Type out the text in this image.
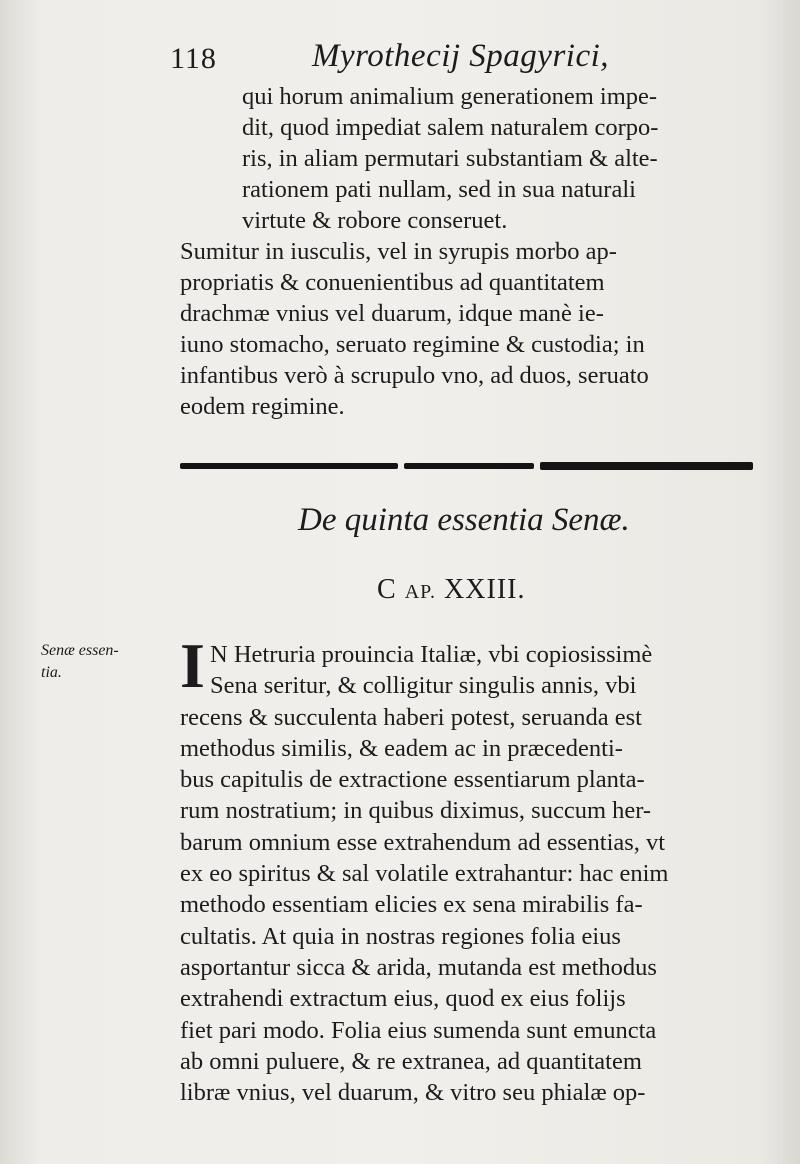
118	Myrothecij Spagyrici,

qui horum animalium generationem impe-
dit, quod impediat salem naturalem corpo-
ris, in aliam permutari substantiam & alte-
rationem pati nullam, sed in sua naturali
virtute & robore conseruet.

Sumitur in iusculis, vel in syrupis morbo ap-
propriatis & conuenientibus ad quantitatem
drachmæ vnius vel duarum, idque manè ie-
iuno stomacho, seruato regimine & custodia; in
infantibus verò à scrupulo vno, ad duos, seruato
eodem regimine.

De quinta essentia Senæ.
C AP. XXIII.
Senæ essen-
tia.	I N Hetruria prouincia Italiæ, vbi copiosissimè
Sena seritur, & colligitur singulis annis, vbi
recens & succulenta haberi potest, seruanda est
methodus similis, & eadem ac in præcedenti-
bus capitulis de extractione essentiarum planta-
rum nostratium; in quibus diximus, succum her-
barum omnium esse extrahendum ad essentias, vt
ex eo spiritus & sal volatile extrahantur: hac enim
methodo essentiam elicies ex sena mirabilis fa-
cultatis. At quia in nostras regiones folia eius
asportantur sicca & arida, mutanda est methodus
extrahendi extractum eius, quod ex eius folijs
fiet pari modo. Folia eius sumenda sunt emuncta
ab omni puluere, & re extranea, ad quantitatem
libræ vnius, vel duarum, & vitro seu phialæ op-
